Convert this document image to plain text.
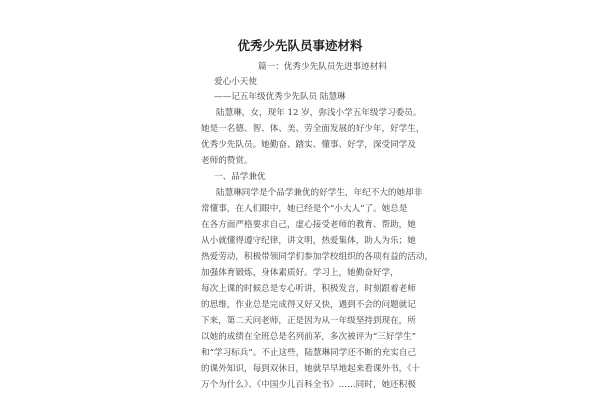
优秀少先队员事迹材料
篇一：优秀少先队员先进事迹材料
爱心小天使
——记五年级优秀少先队员 陆慧琳
陆慧琳，女，现年 12 岁，弥浅小学五年级学习委员。
她是一名德、智、体、美、劳全面发展的好少年，好学生，
优秀少先队员。她勤奋、踏实、懂事、好学，深受同学及
老师的赞赏。
一、品学兼优
陆慧琳同学是个品学兼优的好学生，年纪不大的她却非
常懂事，在人们眼中，她已经是个“小大人”了。她总是
在各方面严格要求自己，虚心接受老师的教育、帮助，她
从小就懂得遵守纪律，讲文明，热爱集体，助人为乐；她
热爱劳动，积极带领同学们参加学校组织的各项有益的活动，
加强体育锻炼，身体素质好。学习上，她勤奋好学，
每次上课的时候总是专心听讲，积极发言，时刻跟着老师
的思维，作业总是完成得又好又快，遇到不会的问题就记
下来，第二天问老师，正是因为从一年级坚持到现在，所
以她的成绩在全班总是名列前茅，多次被评为“三好学生”
和“学习标兵”。不止这些，陆慧琳同学还不断的充实自己
的课外知识，每到双休日，她就早早地起来看课外书，《十
万个为什么》、《中国少儿百科全书》……同时，她还积极
